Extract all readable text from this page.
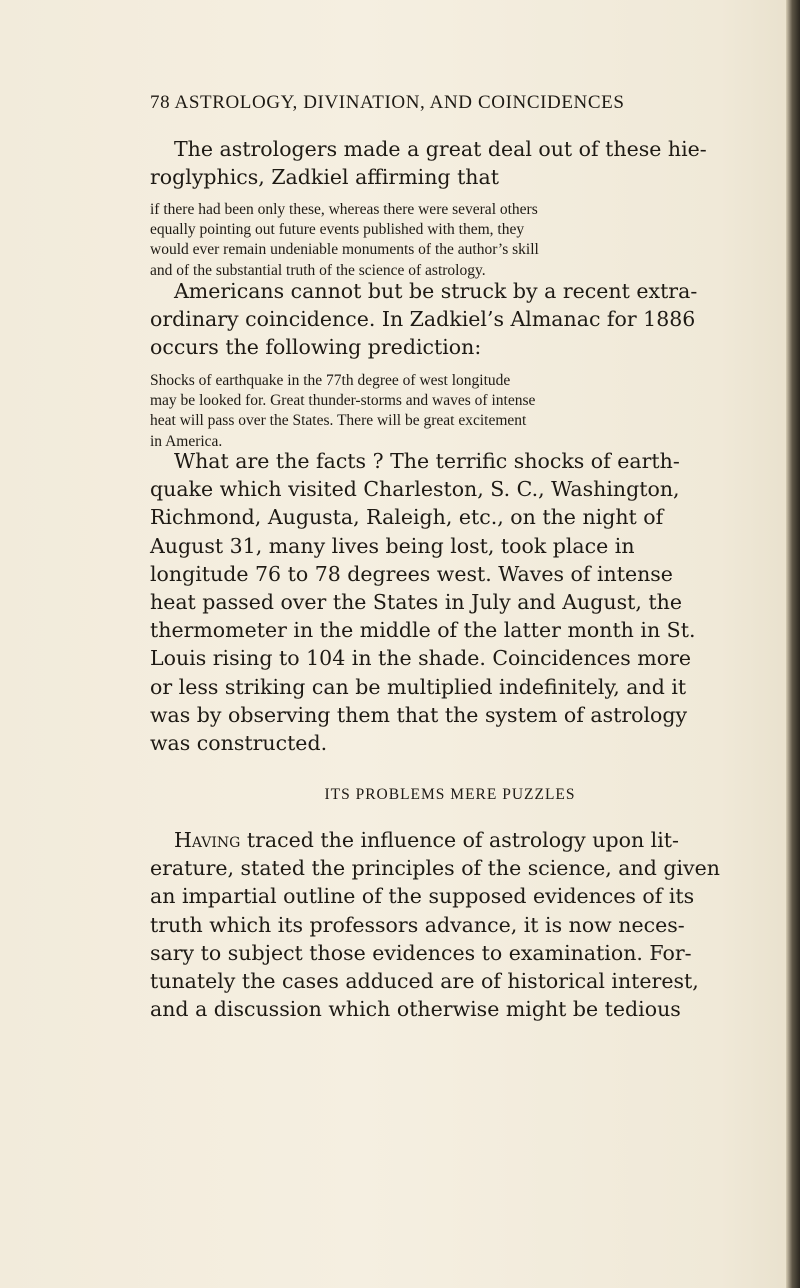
78 ASTROLOGY, DIVINATION, AND COINCIDENCES
The astrologers made a great deal out of these hie-
roglyphics, Zadkiel affirming that
if there had been only these, whereas there were several others
equally pointing out future events published with them, they
would ever remain undeniable monuments of the author’s skill
and of the substantial truth of the science of astrology.
Americans cannot but be struck by a recent extra-
ordinary coincidence. In Zadkiel’s Almanac for 1886
occurs the following prediction:
Shocks of earthquake in the 77th degree of west longitude
may be looked for. Great thunder-storms and waves of intense
heat will pass over the States. There will be great excitement
in America.
What are the facts ? The terrific shocks of earth-
quake which visited Charleston, S. C., Washington,
Richmond, Augusta, Raleigh, etc., on the night of
August 31, many lives being lost, took place in
longitude 76 to 78 degrees west. Waves of intense
heat passed over the States in July and August, the
thermometer in the middle of the latter month in St.
Louis rising to 104 in the shade. Coincidences more
or less striking can be multiplied indefinitely, and it
was by observing them that the system of astrology
was constructed.
ITS PROBLEMS MERE PUZZLES
Having traced the influence of astrology upon lit-
erature, stated the principles of the science, and given
an impartial outline of the supposed evidences of its
truth which its professors advance, it is now neces-
sary to subject those evidences to examination. For-
tunately the cases adduced are of historical interest,
and a discussion which otherwise might be tedious
